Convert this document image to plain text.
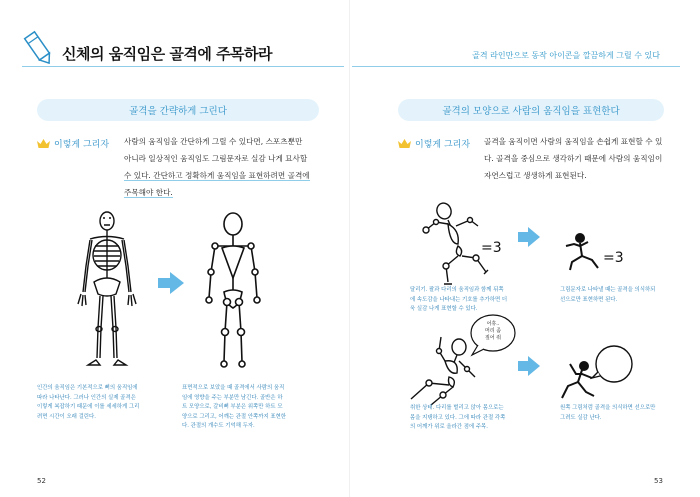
신체의 움직임은 골격에 주목하라	골격 라인만으로 동작 아이콘을 깔끔하게 그릴 수 있다
골격을 간략하게 그린다
이렇게 그리자 사람의 움직임을 간단하게 그릴 수 있다면, 스포츠뿐만
아니라 일상적인 움직임도 그림문자로 실감 나게 묘사할
수 있다. 간단하고 정확하게 움직임을 표현하려면 골격에
주목해야 한다.
인간의 움직임은 기본적으로 뼈의 움직임에
따라 나타난다. 그러나 인간의 실제 골격은
이렇게 복잡하기 때문에 이를 세세하게 그리
려면 시간이 오래 걸린다.
표면적으로 보았을 때 골격에서 사람의 움직
임에 영향을 주는 부분만 남긴다. 골반은 하
트 모양으로, 갈비뼈 부분은 위쪽만 하트 모
양으로 그리고, 어깨는 관절 안쪽까지 표현한
다. 관절의 개수도 기억해 두자.
52
골격의 모양으로 사람의 움직임을 표현한다
이렇게 그리자 골격을 움직이면 사람의 움직임을 손쉽게 표현할 수 있
다. 골격을 중심으로 생각하기 때문에 사람의 움직임이
자연스럽고 생생하게 표현된다.
=3
=3
달리기. 팔과 다리의 움직임과 함께 뒤쪽
에 속도감을 나타내는 기호를 추가하면 더
욱 실감 나게 표현할 수 있다.
그림문자로 나타낼 때는 골격을 의식하되
선으로만 표현하면 된다.
어휴..
머리 좀
짚어 줘
취한 상태. 다리를 벌리고 앉아 몸으로는
몸을 지탱하고 있다. 그에 따라 관절 각쪽
의 어깨가 위로 올라간 점에 주목.
원쪽 그림처럼 골격을 의식하면 선으로만
그려도 실감 난다.
53
